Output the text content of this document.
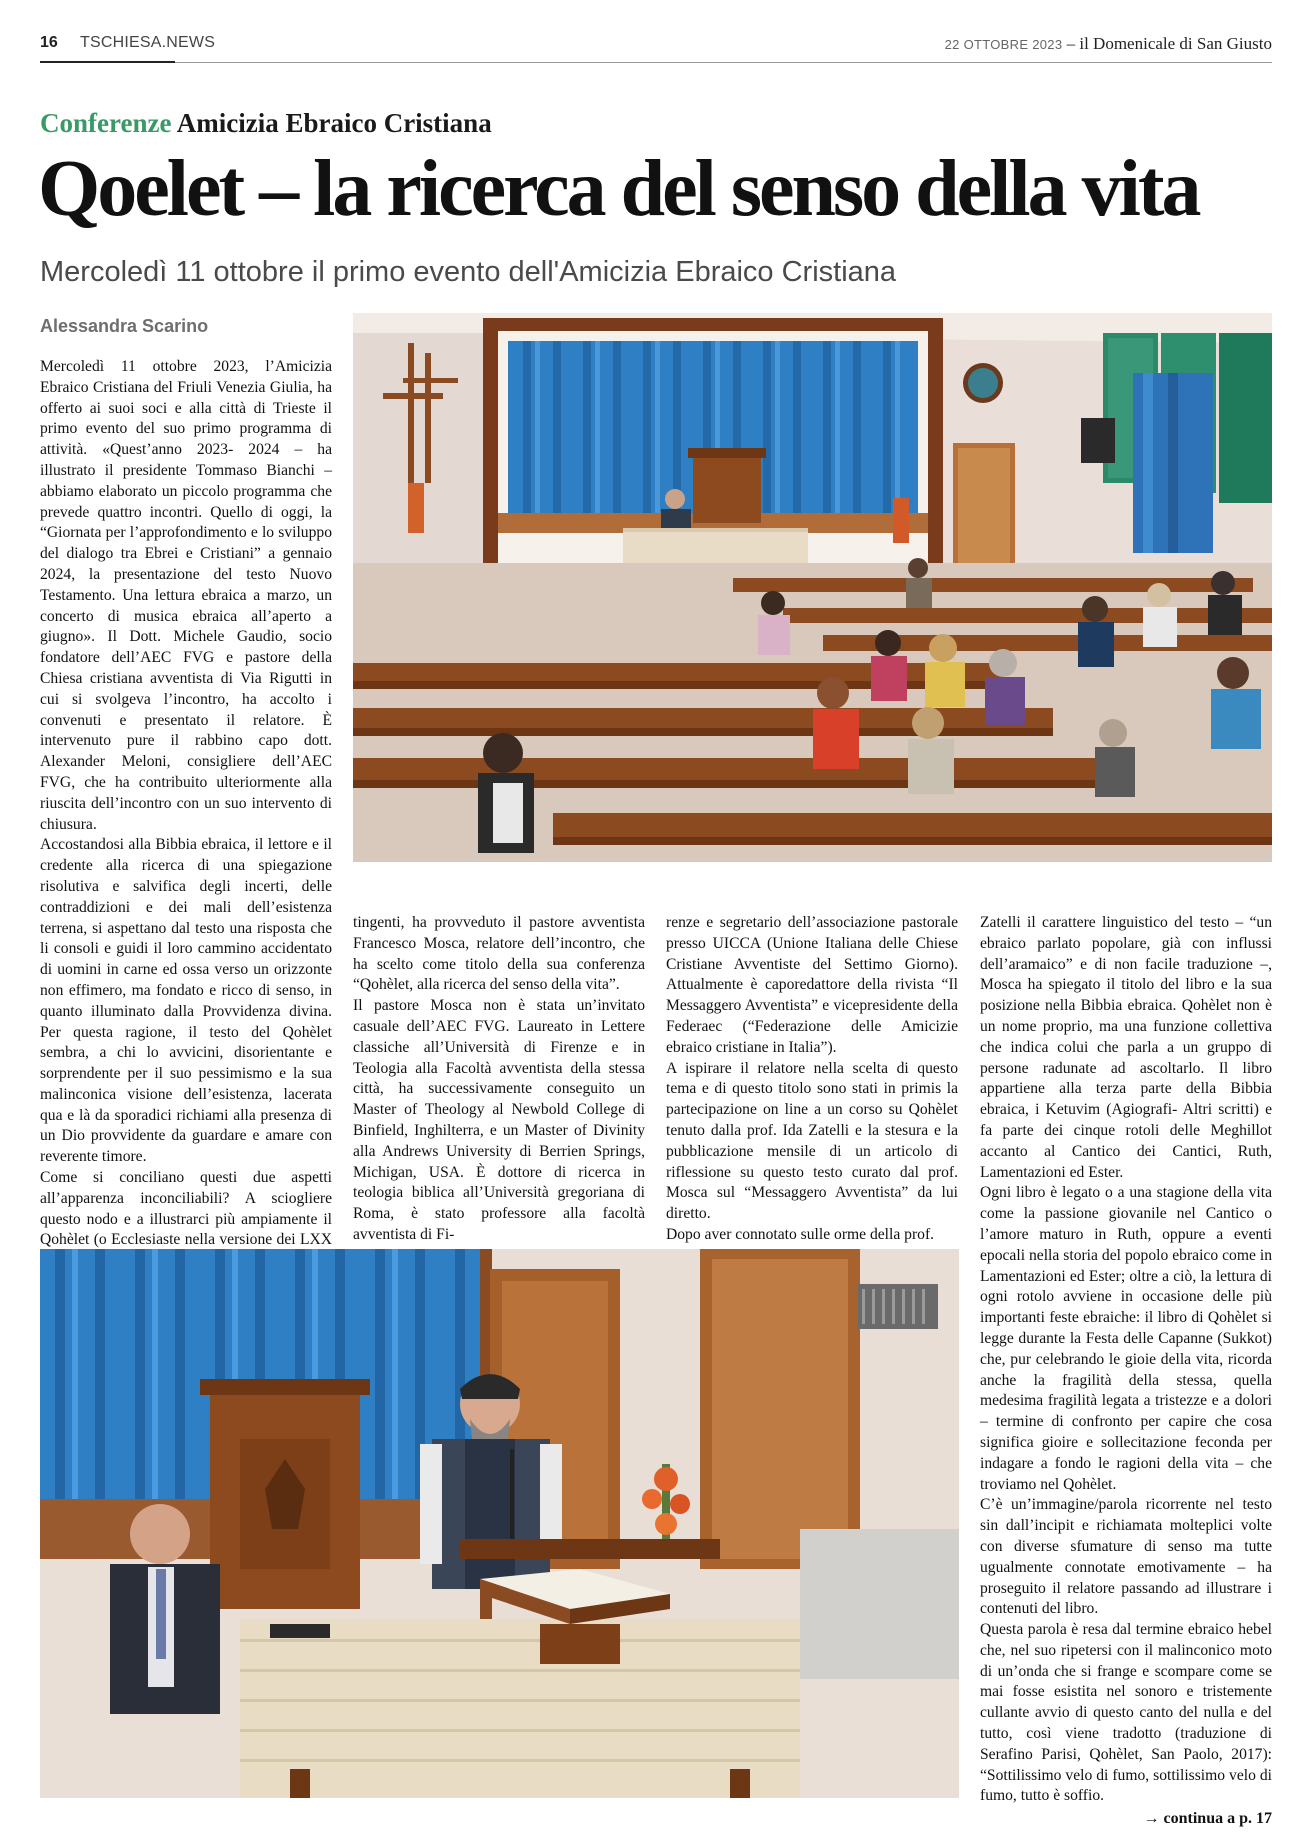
16 TSCHIESA.NEWS	22 OTTOBRE 2023 – il Domenicale di San Giusto
Conferenze Amicizia Ebraico Cristiana
Qoelet – la ricerca del senso della vita
Mercoledì 11 ottobre il primo evento dell'Amicizia Ebraico Cristiana
Alessandra Scarino

Mercoledì 11 ottobre 2023, l’Amicizia Ebraico Cristiana del Friuli Venezia Giulia, ha offerto ai suoi soci e alla città di Trieste il primo evento del suo primo programma di attività. «Quest’anno 2023- 2024 – ha illustrato il presidente Tommaso Bianchi – abbiamo elaborato un piccolo programma che prevede quattro incontri. Quello di oggi, la “Giornata per l’approfondimento e lo sviluppo del dialogo tra Ebrei e Cristiani” a gennaio 2024, la presentazione del testo Nuovo Testamento. Una lettura ebraica a marzo, un concerto di musica ebraica all’aperto a giugno». Il Dott. Michele Gaudio, socio fondatore dell’AEC FVG e pastore della Chiesa cristiana avventista di Via Rigutti in cui si svolgeva l’incontro, ha accolto i convenuti e presentato il relatore. È intervenuto pure il rabbino capo dott. Alexander Meloni, consigliere dell’AEC FVG, che ha contribuito ulteriormente alla riuscita dell’incontro con un suo intervento di chiusura.

Accostandosi alla Bibbia ebraica, il lettore e il credente alla ricerca di una spiegazione risolutiva e salvifica degli incerti, delle contraddizioni e dei mali dell’esistenza terrena, si aspettano dal testo una risposta che li consoli e guidi il loro cammino accidentato di uomini in carne ed ossa verso un orizzonte non effimero, ma fondato e ricco di senso, in quanto illuminato dalla Provvidenza divina. Per questa ragione, il testo del Qohèlet sembra, a chi lo avvicini, disorientante e sorprendente per il suo pessimismo e la sua malinconica visione dell’esistenza, lacerata qua e là da sporadici richiami alla presenza di un Dio provvidente da guardare e amare con reverente timore.

Come si conciliano questi due aspetti all’apparenza inconciliabili? A sciogliere questo nodo e a illustrarci più ampiamente il Qohèlet (o Ecclesiaste nella versione dei LXX

tingenti, ha provveduto il pastore avventista Francesco Mosca, relatore dell’incontro, che ha scelto come titolo della sua conferenza “Qohèlet, alla ricerca del senso della vita”.

Il pastore Mosca non è stata un’invitato casuale dell’AEC FVG. Laureato in Lettere classiche all’Università di Firenze e in Teologia alla Facoltà avventista della stessa città, ha successivamente conseguito un Master of Theology al Newbold College di Binfield, Inghilterra, e un Master of Divinity alla Andrews University di Berrien Springs, Michigan, USA. È dottore di ricerca in teologia biblica all’Università gregoriana di Roma, è stato professore alla facoltà avventista di Fi-

renze e segretario dell’associazione pastorale presso UICCA (Unione Italiana delle Chiese Cristiane Avventiste del Settimo Giorno). Attualmente è caporedattore della rivista “Il Messaggero Avventista” e vicepresidente della Federaec (“Federazione delle Amicizie ebraico cristiane in Italia”).

A ispirare il relatore nella scelta di questo tema e di questo titolo sono stati in primis la partecipazione on line a un corso su Qohèlet tenuto dalla prof. Ida Zatelli e la stesura e la pubblicazione mensile di un articolo di riflessione su questo testo curato dal prof. Mosca sul “Messaggero Avventista” da lui diretto.

Dopo aver connotato sulle orme della prof.

Zatelli il carattere linguistico del testo – “un ebraico parlato popolare, già con influssi dell’aramaico” e di non facile traduzione –, Mosca ha spiegato il titolo del libro e la sua posizione nella Bibbia ebraica. Qohèlet non è un nome proprio, ma una funzione collettiva che indica colui che parla a un gruppo di persone radunate ad ascoltarlo. Il libro appartiene alla terza parte della Bibbia ebraica, i Ketuvim (Agiografi- Altri scritti) e fa parte dei cinque rotoli delle Meghillot accanto al Cantico dei Cantici, Ruth, Lamentazioni ed Ester.

Ogni libro è legato o a una stagione della vita come la passione giovanile nel Cantico o l’amore maturo in Ruth, oppure a eventi epocali nella storia del popolo ebraico come in Lamentazioni ed Ester; oltre a ciò, la lettura di ogni rotolo avviene in occasione delle più importanti feste ebraiche: il libro di Qohèlet si legge durante la Festa delle Capanne (Sukkot) che, pur celebrando le gioie della vita, ricorda anche la fragilità della stessa, quella medesima fragilità legata a tristezze e a dolori – termine di confronto per capire che cosa significa gioire e sollecitazione feconda per indagare a fondo le ragioni della vita – che troviamo nel Qohèlet.

C’è un’immagine/parola ricorrente nel testo sin dall’incipit e richiamata molteplici volte con diverse sfumature di senso ma tutte ugualmente connotate emotivamente – ha proseguito il relatore passando ad illustrare i contenuti del libro.

Questa parola è resa dal termine ebraico hebel che, nel suo ripetersi con il malinconico moto di un’onda che si frange e scompare come se mai fosse esistita nel sonoro e tristemente cullante avvio di questo canto del nulla e del tutto, così viene tradotto (traduzione di Serafino Parisi, Qohèlet, San Paolo, 2017): “Sottilissimo velo di fumo, sottilissimo velo di fumo, tutto è soffio.

→ continua a p. 17
